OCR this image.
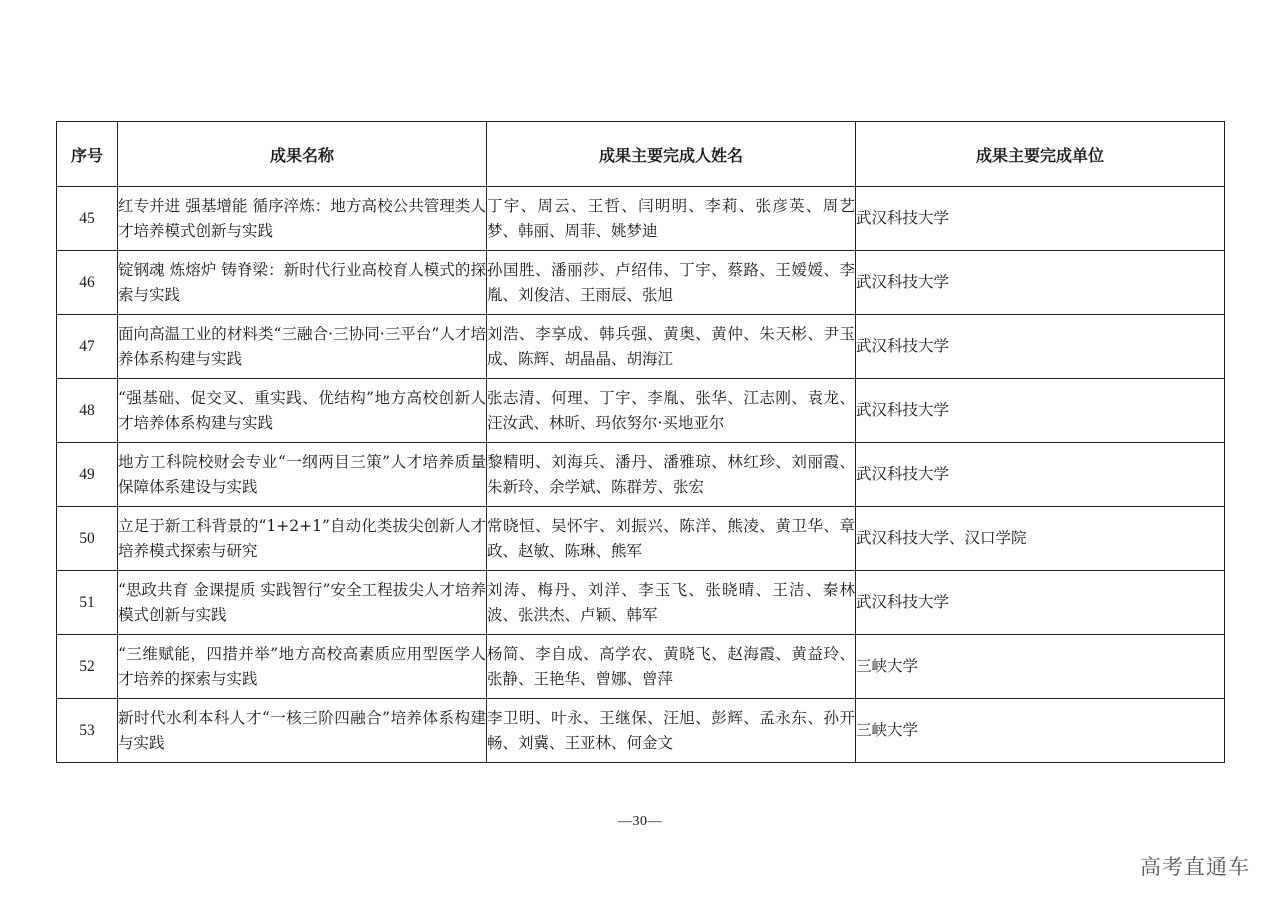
序号	成果名称	成果主要完成人姓名	成果主要完成单位
45	红专并进 强基增能 循序淬炼：地方高校公共管理类人才培养模式创新与实践	丁宇、周云、王哲、闫明明、李莉、张彦英、周艺梦、韩丽、周菲、姚梦迪	武汉科技大学
46	锭钢魂 炼熔炉 铸脊梁：新时代行业高校育人模式的探索与实践	孙国胜、潘丽莎、卢绍伟、丁宇、蔡路、王嫒嫒、李胤、刘俊洁、王雨辰、张旭	武汉科技大学
47	面向高温工业的材料类“三融合·三协同·三平台”人才培养体系构建与实践	刘浩、李享成、韩兵强、黄奥、黄仲、朱天彬、尹玉成、陈辉、胡晶晶、胡海江	武汉科技大学
48	“强基础、促交叉、重实践、优结构”地方高校创新人才培养体系构建与实践	张志清、何理、丁宇、李胤、张华、江志刚、袁龙、汪汝武、林昕、玛依努尔·买地亚尔	武汉科技大学
49	地方工科院校财会专业“一纲两目三策”人才培养质量保障体系建设与实践	黎精明、刘海兵、潘丹、潘雅琼、林红珍、刘丽霞、朱新玲、余学斌、陈群芳、张宏	武汉科技大学
50	立足于新工科背景的“1+2+1”自动化类拔尖创新人才培养模式探索与研究	常晓恒、吴怀宇、刘振兴、陈洋、熊凌、黄卫华、章政、赵敏、陈琳、熊军	武汉科技大学、汉口学院
51	“思政共育 金课提质 实践智行”安全工程拔尖人才培养模式创新与实践	刘涛、梅丹、刘洋、李玉飞、张晓晴、王洁、秦林波、张洪杰、卢颖、韩军	武汉科技大学
52	“三维赋能，四措并举”地方高校高素质应用型医学人才培养的探索与实践	杨简、李自成、高学农、黄晓飞、赵海霞、黄益玲、张静、王艳华、曾娜、曾萍	三峡大学
53	新时代水利本科人才“一核三阶四融合”培养体系构建与实践	李卫明、叶永、王继保、汪旭、彭辉、孟永东、孙开畅、刘冀、王亚林、何金文	三峡大学
—30—
高考直通车
